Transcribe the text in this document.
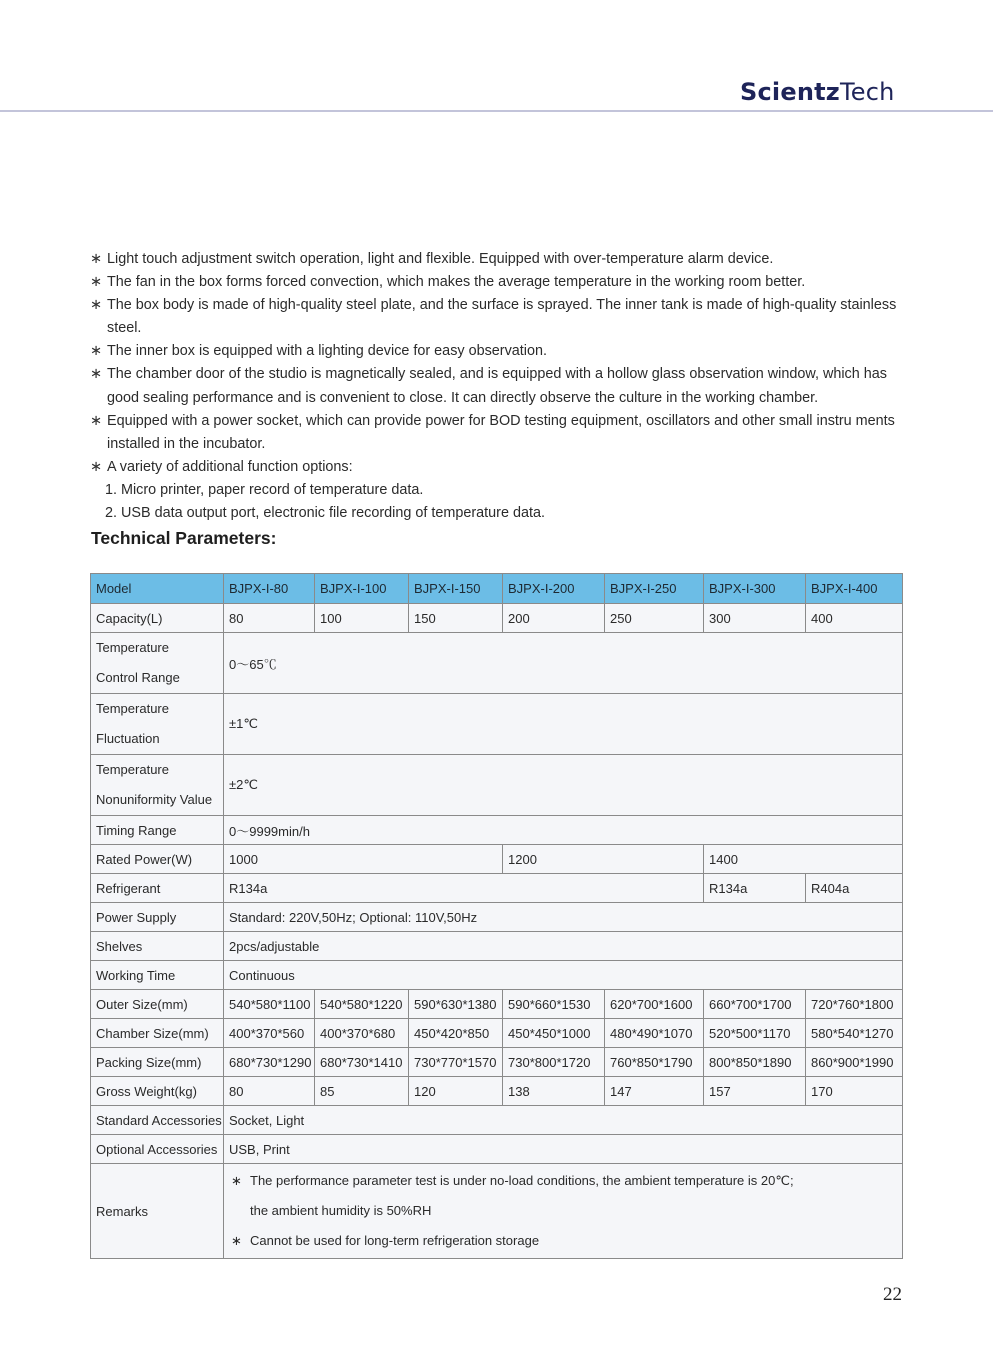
ScientzTech
∗ Light touch adjustment switch operation, light and flexible. Equipped with over-temperature alarm device.
∗ The fan in the box forms forced convection, which makes the average temperature in the working room better.
∗ The box body is made of high-quality steel plate, and the surface is sprayed. The inner tank is made of high-quality stainless steel.
∗ The inner box is equipped with a lighting device for easy observation.
∗ The chamber door of the studio is magnetically sealed, and is equipped with a hollow glass observation window, which has good sealing performance and is convenient to close. It can directly observe the culture in the working chamber.
∗ Equipped with a power socket, which can provide power for BOD testing equipment, oscillators and other small instru ments installed in the incubator.
∗ A variety of additional function options:
1. Micro printer, paper record of temperature data.
2. USB data output port, electronic file recording of temperature data.
Technical Parameters:
Model	BJPX-I-80	BJPX-I-100	BJPX-I-150	BJPX-I-200	BJPX-I-250	BJPX-I-300	BJPX-I-400
Capacity(L)	80	100	150	200	250	300	400

Temperature
Control Range	0～65℃						

Temperature
Fluctuation	±1℃						

Temperature
Nonuniformity Value	±2℃						
Timing Range	0～9999min/h						
Rated Power(W)	1000			1200		1400	
Refrigerant	R134a					R134a	R404a
Power Supply	Standard: 220V,50Hz; Optional: 110V,50Hz						
Shelves	2pcs/adjustable						
Working Time	Continuous						
Outer Size(mm)	540*580*1100	540*580*1220	590*630*1380	590*660*1530	620*700*1600	660*700*1700	720*760*1800
Chamber Size(mm)	400*370*560	400*370*680	450*420*850	450*450*1000	480*490*1070	520*500*1170	580*540*1270
Packing Size(mm)	680*730*1290	680*730*1410	730*770*1570	730*800*1720	760*850*1790	800*850*1890	860*900*1990
Gross Weight(kg)	80	85	120	138	147	157	170
Standard Accessories	Socket, Light						
Optional Accessories	USB, Print						
Remarks	∗ The performance parameter test is under no-load conditions, the ambient temperature is 20℃;
the ambient humidity is 50%RH
∗ Cannot be used for long-term refrigeration storage						
22
